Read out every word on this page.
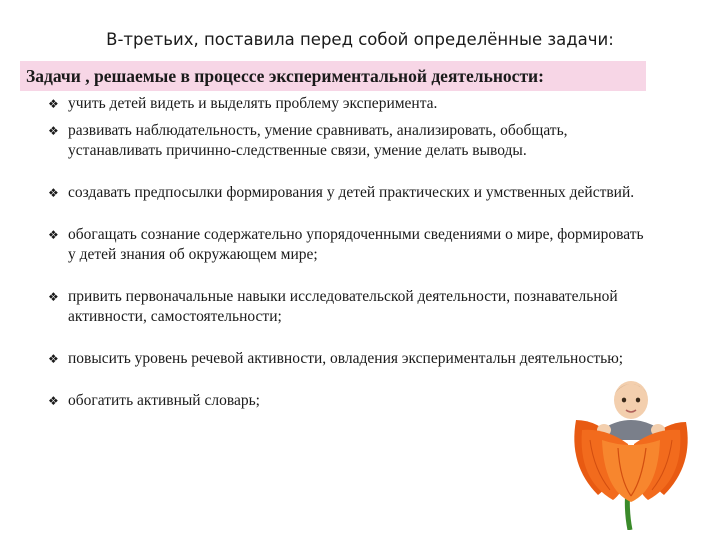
В-третьих, поставила перед собой определённые задачи:
Задачи , решаемые в процессе экспериментальной деятельности:
❖ учить детей видеть и выделять проблему эксперимента.
❖ развивать наблюдательность, умение сравнивать, анализировать, обобщать, устанавливать причинно-следственные связи, умение делать выводы.
❖ создавать предпосылки формирования у детей практических и умственных действий.
❖ обогащать сознание содержательно упорядоченными сведениями о мире, формировать у детей знания об окружающем мире;
❖ привить первоначальные навыки исследовательской деятельности, познавательной активности, самостоятельности;
❖ повысить уровень речевой активности, овладения экспериментальн деятельностью;
❖ обогатить активный словарь;
